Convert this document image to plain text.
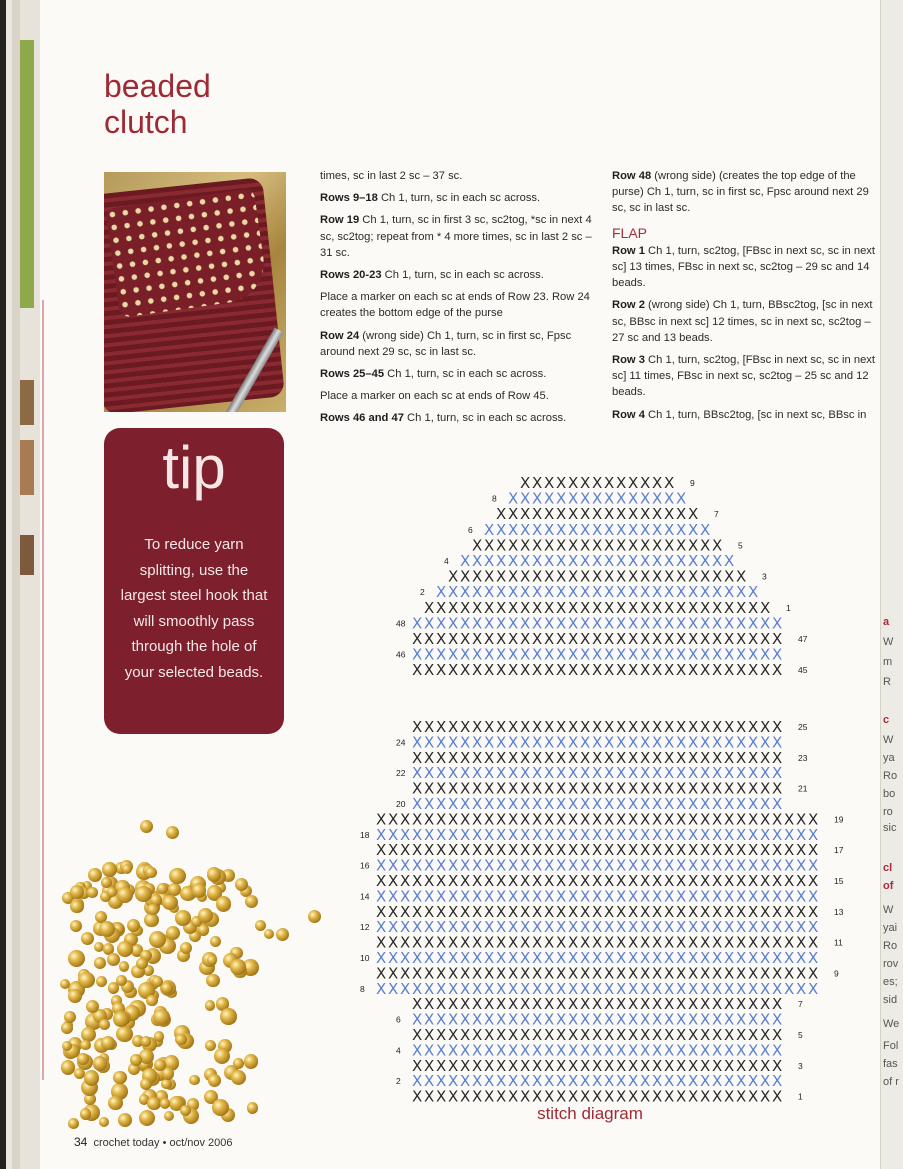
a
W
m
R
c
W
ya
Ro
bo
ro
sic
cl
of
W
yai
Ro
rov
es;
sid
We
Fol
fas
of r
beaded
clutch
tip
To reduce yarn splitting, use the largest steel hook that will smoothly pass through the hole of your selected beads.

times, sc in last 2 sc – 37 sc.

Rows 9–18 Ch 1, turn, sc in each sc across.

Row 19 Ch 1, turn, sc in first 3 sc, sc2tog, *sc in next 4 sc, sc2tog; repeat from * 4 more times, sc in last 2 sc – 31 sc.

Rows 20-23 Ch 1, turn, sc in each sc across.

Place a marker on each sc at ends of Row 23. Row 24 creates the bottom edge of the purse

Row 24 (wrong side) Ch 1, turn, sc in first sc, Fpsc around next 29 sc, sc in last sc.

Rows 25–45 Ch 1, turn, sc in each sc across.

Place a marker on each sc at ends of Row 45.

Rows 46 and 47 Ch 1, turn, sc in each sc across.

Row 48 (wrong side) (creates the top edge of the purse) Ch 1, turn, sc in first sc, Fpsc around next 29 sc, sc in last sc.

FLAP

Row 1 Ch 1, turn, sc2tog, [FBsc in next sc, sc in next sc] 13 times, FBsc in next sc, sc2tog – 29 sc and 14 beads.

Row 2 (wrong side) Ch 1, turn, BBsc2tog, [sc in next sc, BBsc in next sc] 12 times, sc in next sc, sc2tog – 27 sc and 13 beads.

Row 3 Ch 1, turn, sc2tog, [FBsc in next sc, sc in next sc] 11 times, FBsc in next sc, sc2tog – 25 sc and 12 beads.

Row 4 Ch 1, turn, BBsc2tog, [sc in next sc, BBsc in

X X X X X X X X X X X X X 9
X X X X X X X X X X X X X X X
8
X X X X X X X X X X X X X X X X X 7
X X X X X X X X X X X X X X X X X X X
6
X X X X X X X X X X X X X X X X X X X X X 5
X X X X X X X X X X X X X X X X X X X X X X X
4
X X X X X X X X X X X X X X X X X X X X X X X X X 3
X X X X X X X X X X X X X X X X X X X X X X X X X X X
2
X X X X X X X X X X X X X X X X X X X X X X X X X X X X X 1
X X X X X X X X X X X X X X X X X X X X X X X X X X X X X X X
48
X X X X X X X X X X X X X X X X X X X X X X X X X X X X X X X 47
X X X X X X X X X X X X X X X X X X X X X X X X X X X X X X X
46
X X X X X X X X X X X X X X X X X X X X X X X X X X X X X X X 45
X X X X X X X X X X X X X X X X X X X X X X X X X X X X X X X 25
X X X X X X X X X X X X X X X X X X X X X X X X X X X X X X X
24
X X X X X X X X X X X X X X X X X X X X X X X X X X X X X X X 23
X X X X X X X X X X X X X X X X X X X X X X X X X X X X X X X
22
X X X X X X X X X X X X X X X X X X X X X X X X X X X X X X X 21
X X X X X X X X X X X X X X X X X X X X X X X X X X X X X X X
20
X X X X X X X X X X X X X X X X X X X X X X X X X X X X X X X X X X X X X 19
X X X X X X X X X X X X X X X X X X X X X X X X X X X X X X X X X X X X X
18
X X X X X X X X X X X X X X X X X X X X X X X X X X X X X X X X X X X X X 17
X X X X X X X X X X X X X X X X X X X X X X X X X X X X X X X X X X X X X
16
X X X X X X X X X X X X X X X X X X X X X X X X X X X X X X X X X X X X X 15
X X X X X X X X X X X X X X X X X X X X X X X X X X X X X X X X X X X X X
14
X X X X X X X X X X X X X X X X X X X X X X X X X X X X X X X X X X X X X 13
X X X X X X X X X X X X X X X X X X X X X X X X X X X X X X X X X X X X X
12
X X X X X X X X X X X X X X X X X X X X X X X X X X X X X X X X X X X X X 11
X X X X X X X X X X X X X X X X X X X X X X X X X X X X X X X X X X X X X
10
X X X X X X X X X X X X X X X X X X X X X X X X X X X X X X X X X X X X X 9
X X X X X X X X X X X X X X X X X X X X X X X X X X X X X X X X X X X X X
8
X X X X X X X X X X X X X X X X X X X X X X X X X X X X X X X 7
X X X X X X X X X X X X X X X X X X X X X X X X X X X X X X X
6
X X X X X X X X X X X X X X X X X X X X X X X X X X X X X X X 5
X X X X X X X X X X X X X X X X X X X X X X X X X X X X X X X
4
X X X X X X X X X X X X X X X X X X X X X X X X X X X X X X X 3
X X X X X X X X X X X X X X X X X X X X X X X X X X X X X X X
2
X X X X X X X X X X X X X X X X X X X X X X X X X X X X X X X 1
stitch diagram
34 crochet today • oct/nov 2006
